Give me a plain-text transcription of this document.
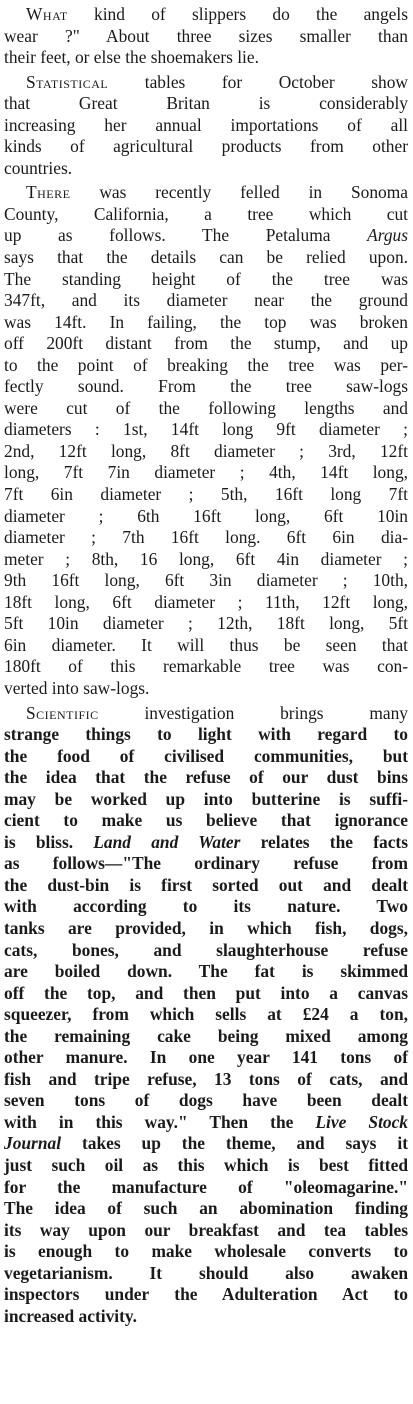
What kind of slippers do the angels
wear ?" About three sizes smaller than
their feet, or else the shoemakers lie.

Statistical tables for October show
that Great Britan is considerably
increasing her annual importations of all
kinds of agricultural products from other
countries.

There was recently felled in Sonoma
County, California, a tree which cut
up as follows. The Petaluma Argus
says that the details can be relied upon.
The standing height of the tree was
347ft, and its diameter near the ground
was 14ft. In failing, the top was broken
off 200ft distant from the stump, and up
to the point of breaking the tree was per-
fectly sound. From the tree saw-logs
were cut of the following lengths and
diameters : 1st, 14ft long 9ft diameter ;
2nd, 12ft long, 8ft diameter ; 3rd, 12ft
long, 7ft 7in diameter ; 4th, 14ft long,
7ft 6in diameter ; 5th, 16ft long 7ft
diameter ; 6th 16ft long, 6ft 10in
diameter ; 7th 16ft long. 6ft 6in dia-
meter ; 8th, 16 long, 6ft 4in diameter ;
9th 16ft long, 6ft 3in diameter ; 10th,
18ft long, 6ft diameter ; 11th, 12ft long,
5ft 10in diameter ; 12th, 18ft long, 5ft
6in diameter. It will thus be seen that
180ft of this remarkable tree was con-
verted into saw-logs.

Scientific investigation brings many
strange things to light with regard to
the food of civilised communities, but
the idea that the refuse of our dust bins
may be worked up into butterine is suffi-
cient to make us believe that ignorance
is bliss. Land and Water relates the facts
as follows—"The ordinary refuse from
the dust-bin is first sorted out and dealt
with according to its nature. Two
tanks are provided, in which fish, dogs,
cats, bones, and slaughterhouse refuse
are boiled down. The fat is skimmed
off the top, and then put into a canvas
squeezer, from which sells at £24 a ton,
the remaining cake being mixed among
other manure. In one year 141 tons of
fish and tripe refuse, 13 tons of cats, and
seven tons of dogs have been dealt
with in this way." Then the Live Stock
Journal takes up the theme, and says it
just such oil as this which is best fitted
for the manufacture of "oleomagarine."
The idea of such an abomination finding
its way upon our breakfast and tea tables
is enough to make wholesale converts to
vegetarianism. It should also awaken
inspectors under the Adulteration Act to
increased activity.
